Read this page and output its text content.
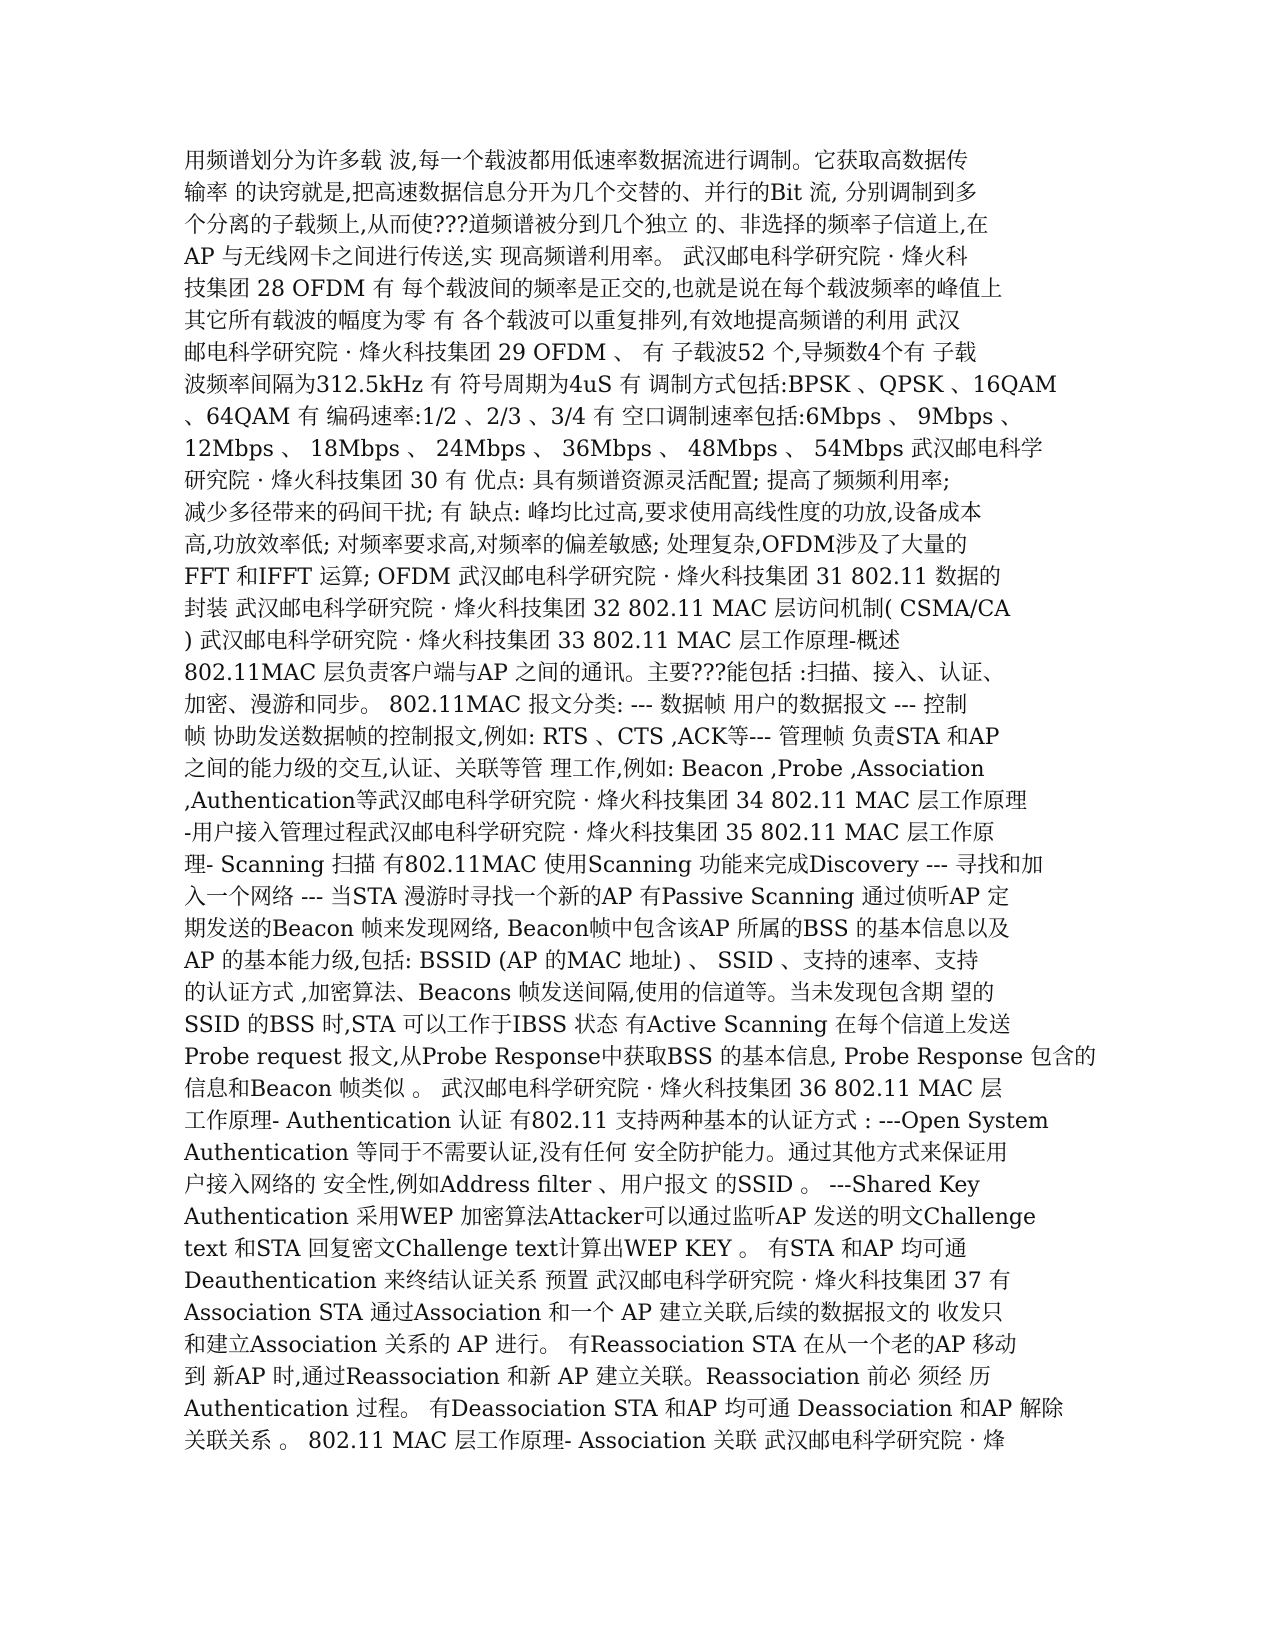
用频谱划分为许多载 波,每一个载波都用低速率数据流进行调制。它获取高数据传
输率 的诀窍就是,把高速数据信息分开为几个交替的、并行的Bit 流, 分别调制到多
个分离的子载频上,从而使???道频谱被分到几个独立 的、非选择的频率子信道上,在
AP 与无线网卡之间进行传送,实 现高频谱利用率。 武汉邮电科学研究院 · 烽火科
技集团 28 OFDM 有 每个载波间的频率是正交的,也就是说在每个载波频率的峰值上
其它所有载波的幅度为零 有 各个载波可以重复排列,有效地提高频谱的利用 武汉
邮电科学研究院 · 烽火科技集团 29 OFDM 、 有 子载波52 个,导频数4个有 子载
波频率间隔为312.5kHz 有 符号周期为4uS 有 调制方式包括:BPSK 、QPSK 、16QAM
、64QAM 有 编码速率:1/2 、2/3 、3/4 有 空口调制速率包括:6Mbps 、 9Mbps 、
12Mbps 、 18Mbps 、 24Mbps 、 36Mbps 、 48Mbps 、 54Mbps 武汉邮电科学
研究院 · 烽火科技集团 30 有 优点: 具有频谱资源灵活配置; 提高了频频利用率;
减少多径带来的码间干扰; 有 缺点: 峰均比过高,要求使用高线性度的功放,设备成本
高,功放效率低; 对频率要求高,对频率的偏差敏感; 处理复杂,OFDM涉及了大量的
FFT 和IFFT 运算; OFDM 武汉邮电科学研究院 · 烽火科技集团 31 802.11 数据的
封装 武汉邮电科学研究院 · 烽火科技集团 32 802.11 MAC 层访问机制( CSMA/CA
) 武汉邮电科学研究院 · 烽火科技集团 33 802.11 MAC 层工作原理-概述
802.11MAC 层负责客户端与AP 之间的通讯。主要???能包括 :扫描、接入、认证、
加密、漫游和同步。 802.11MAC 报文分类: --- 数据帧 用户的数据报文 --- 控制
帧 协助发送数据帧的控制报文,例如: RTS 、CTS ,ACK等--- 管理帧 负责STA 和AP
之间的能力级的交互,认证、关联等管 理工作,例如: Beacon ,Probe ,Association
,Authentication等武汉邮电科学研究院 · 烽火科技集团 34 802.11 MAC 层工作原理
-用户接入管理过程武汉邮电科学研究院 · 烽火科技集团 35 802.11 MAC 层工作原
理- Scanning 扫描 有802.11MAC 使用Scanning 功能来完成Discovery --- 寻找和加
入一个网络 --- 当STA 漫游时寻找一个新的AP 有Passive Scanning 通过侦听AP 定
期发送的Beacon 帧来发现网络, Beacon帧中包含该AP 所属的BSS 的基本信息以及
AP 的基本能力级,包括: BSSID (AP 的MAC 地址) 、 SSID 、支持的速率、支持
的认证方式 ,加密算法、Beacons 帧发送间隔,使用的信道等。当未发现包含期 望的
SSID 的BSS 时,STA 可以工作于IBSS 状态 有Active Scanning 在每个信道上发送
Probe request 报文,从Probe Response中获取BSS 的基本信息, Probe Response 包含的
信息和Beacon 帧类似 。 武汉邮电科学研究院 · 烽火科技集团 36 802.11 MAC 层
工作原理- Authentication 认证 有802.11 支持两种基本的认证方式 : ---Open System
Authentication 等同于不需要认证,没有任何 安全防护能力。通过其他方式来保证用
户接入网络的 安全性,例如Address filter 、用户报文 的SSID 。 ---Shared Key
Authentication 采用WEP 加密算法Attacker可以通过监听AP 发送的明文Challenge
text 和STA 回复密文Challenge text计算出WEP KEY 。 有STA 和AP 均可通
Deauthentication 来终结认证关系 预置 武汉邮电科学研究院 · 烽火科技集团 37 有
Association STA 通过Association 和一个 AP 建立关联,后续的数据报文的 收发只
和建立Association 关系的 AP 进行。 有Reassociation STA 在从一个老的AP 移动
到 新AP 时,通过Reassociation 和新 AP 建立关联。Reassociation 前必 须经 历
Authentication 过程。 有Deassociation STA 和AP 均可通 Deassociation 和AP 解除
关联关系 。 802.11 MAC 层工作原理- Association 关联 武汉邮电科学研究院 · 烽
